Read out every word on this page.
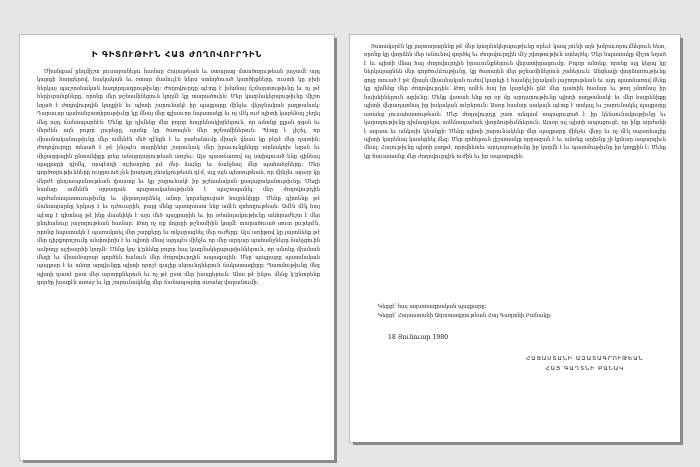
Ի ԳԻՏՈՒԹԻՒՆ ՀԱՅ ԺՈՂՈՎՈՒՐԴԻՆ
Միանգամ ընդմիշտ լուսաբանելու համար Հայութեան եւ օտարաց մտածողութեան յաջամէ այդ կարգի հարցերով, հայկական եւ օտար մամուլէն ներս ստեղծուած կարծիքները, ուստի կը բխի ներկայ պաշտօնական հաղորդագրութիւնը։ Ժողովուրդը պէտք է իմանայ ճշմարտութիւնը եւ ոչ թէ հերիւրանքները, որոնք մեր թշնամիներուն կողմէ կը տարածուին։ Մեր կազմակերպութիւնը միշտ եղած է ժողովուրդին կողքին եւ պիտի շարունակէ իր պայքարը մինչեւ վերջնական յաղթանակ։ Դարաւոր պահանջատիրութիւնը կը մնայ մեր գլխաւոր նպատակը եւ ոչ մէկ ուժ պիտի կարենայ շեղել մեզ այդ ճանապարհէն։ Մենք կը դիմենք մեր բոլոր հայրենակիցներուն, որ անոնք ըլլան զգօն եւ մերժեն այն բոլոր լուրերը, որոնք կը ծառայեն մեր թշնամիներուն։ Պէտք է յիշել, որ միասնականութիւնը մեր ամենէն մեծ զէնքն է եւ բաժանումը միայն վնաս կը բերէ մեր դատին։ Ժողովուրդը տեսած է թէ ինչպէս տարիներ շարունակ մեր իրաւունքները ոտնակոխ եղան եւ միջազգային ընտանիքը լռեց անարդարութեան առջեւ։ Այս պատճառով ալ ստիպուած ենք զինեալ պայքարի դիմել, որպէսզի աշխարհը լսէ մեր ձայնը եւ ճանչնայ մեր պահանջները։ Մեր գործողութիւնները ուղղուած չեն խաղաղ բնակչութեան դէմ, այլ այն պետութեան, որ մինչեւ այսօր կը մերժէ ցեղասպանութեան փաստը եւ կը շարունակէ իր թշնամական քաղաքականութիւնը։ Մեզի համար ամենէն սրբազան պարտականութիւնն է պաշտպանել մեր ժողովուրդին արժանապատուութիւնը եւ վերադարձնել անոր կորսնցուցած հայրենիքը։ Մենք գիտենք թէ ճանապարհը երկար է եւ դժուարին, բայց մենք պատրաստ ենք ամէն զոհողութեան։ Ամէն մէկ հայ պէտք է գիտնայ թէ ինք մասնիկն է այս մեծ պայքարին եւ իր օժանդակութիւնը անհրաժեշտ է մեր ընդհանուր յաջողութեան համար։ Թող ոչ ոք մոլորի թշնամիին կողմէ տարածուած սուտ լուրերէն, որոնց նպատակն է պառակտել մեր շարքերը եւ տկարացնել մեր ուժերը։ Այս առիթով կը յայտնենք թէ մեր դիրքորոշումը անփոփոխ է եւ պիտի մնայ այդպէս մինչեւ որ մեր արդար պահանջները ճանչցուին ամբողջ աշխարհի կողմէ։ Մենք կոչ կ՚ընենք բոլոր հայ կազմակերպութիւններուն, որ անոնք միանան մեզի եւ միասնաբար գործեն հանուն մեր ժողովուրդին ապագային։ Մեր պայքարը պատմական պայքար է եւ անոր արդիւնքը պիտի որոշէ գալիք սերունդներուն ճակատագիրը։ Պատմութիւնը մեզ պիտի դատէ ըստ մեր արարքներուն եւ ոչ թէ ըստ մեր խօսքերուն։ Ահա թէ ինչու մենք կ՚ընտրենք գործը խօսքէն առաջ եւ կը շարունակենք մեր ճանապարհը առանց վարանումի։
Յստակօրէն կը յայտարարենք թէ մեր կազմակերպութիւնը որեւէ կապ չունի այն խմբաւորումներուն հետ, որոնք կը փորձեն մեր անունով գործել եւ ժողովուրդին մէջ շփոթութիւն ստեղծել։ Մեր նպատակը միշտ եղած է եւ պիտի մնայ հայ ժողովուրդին իրաւունքներուն վերատիրացումը։ Բոլոր անոնք, որոնք այլ կերպ կը ներկայացնեն մեր գործունէութիւնը, կը ծառայեն մեր թշնամիներուն շահերուն։ Անցեալի փորձառութիւնը ցոյց տուած է թէ միայն միասնական ուժով կարելի է հասնիլ իրական յաջողութեան եւ այդ պատճառով մենք կը դիմենք մեր ժողովուրդին։ Թող ամէն հայ իր կարելին ընէ մեր դատին համար եւ թող չմոռնայ իր նախնիներուն արիւնը։ Մենք վստահ ենք որ օր մը արդարութիւնը պիտի յաղթանակէ եւ մեր հայրենիքը պիտի վերադառնայ իր իսկական տէրերուն։ Ասոր համար սակայն պէտք է տոկալ եւ շարունակել պայքարը առանց յուսահատութեան։ Մեր ժողովուրդը շատ անգամ ապացուցած է իր կենսունակութիւնը եւ կարողութիւնը դիմադրելու ամենադաժան փորձութիւններուն։ Այսօր ալ պիտի ապացուցէ, որ ինք արժանի է ազատ եւ անկախ կեանքի։ Մենք պիտի շարունակենք մեր պայքարը մինչեւ վերջ եւ ոչ մէկ սպառնալիք պիտի կարենայ կասեցնել մեզ։ Մեր զոհերուն յիշատակը սրբազան է եւ անոնց արիւնը չի կրնար ապարդիւն մնալ։ Հայութիւնը պիտի յաղթէ, որովհետեւ արդարութիւնը իր կողմն է եւ պատմութիւնը իր կողքին է։ Մենք կը հաւատանք մեր ժողովուրդին ուժին եւ իր ապագային։
Կեցցէ՛ հայ ազատագրական պայքարը։
Կեցցէ՛ Հայաստանի Ազատագրութեան Հայ Գաղտնի Բանակը։
18 Յունուար 1980
ՀԱՅԱՍՏԱՆԻ ԱԶԱՏԱԳՐՈՒԹԵԱՆ
ՀԱՅ ԳԱՂՏՆԻ ԲԱՆԱԿ
